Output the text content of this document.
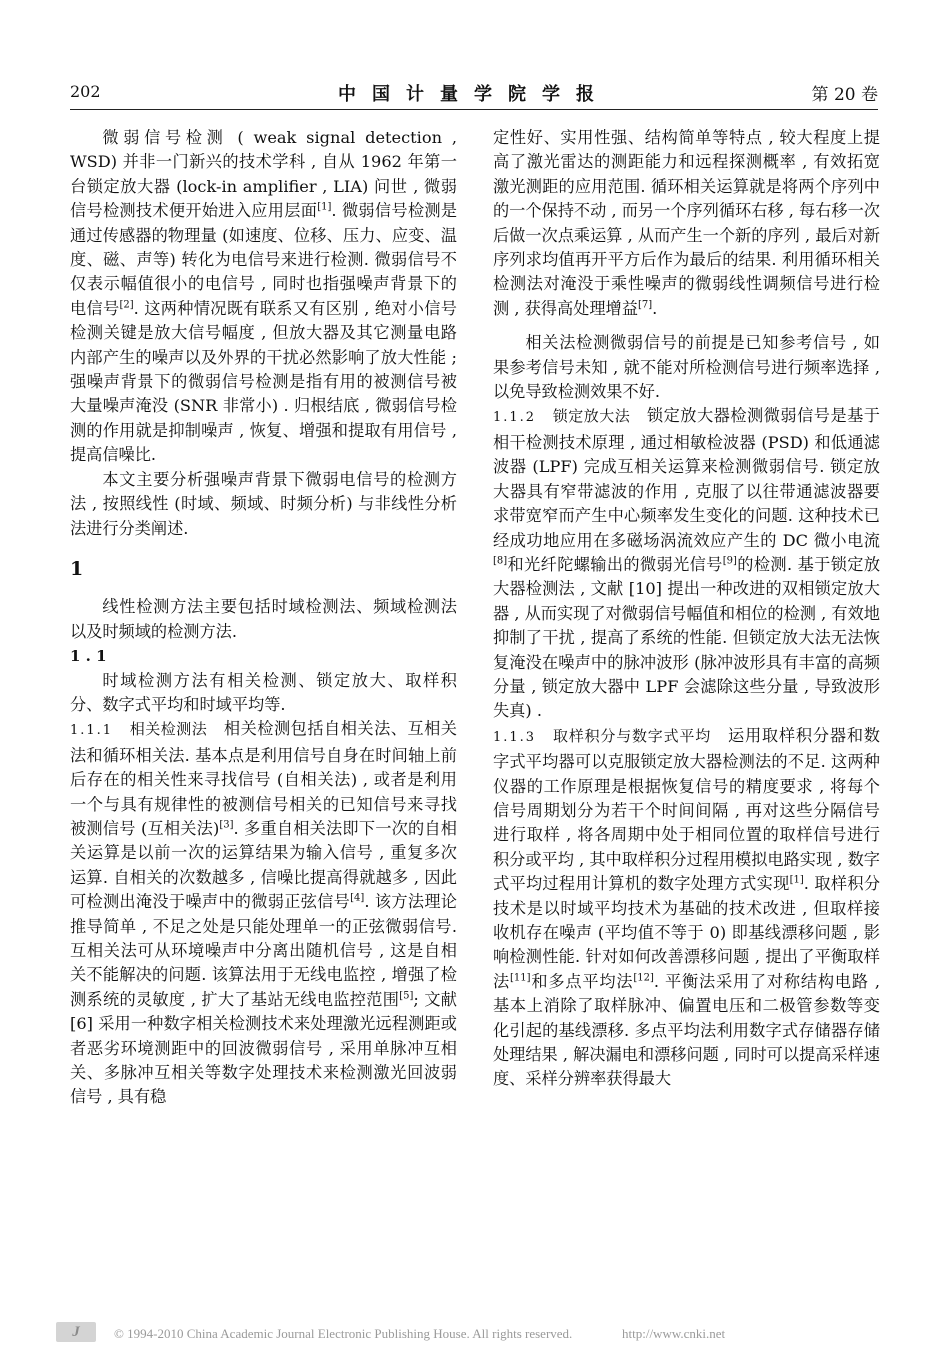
202	中国计量学院学报	第 20 卷

微弱信号检测 ( weak signal detection , WSD) 并非一门新兴的技术学科 , 自从 1962 年第一台锁定放大器 (lock-in amplifier , LIA) 问世 , 微弱信号检测技术便开始进入应用层面[1]. 微弱信号检测是通过传感器的物理量 (如速度、位移、压力、应变、温度、磁、声等) 转化为电信号来进行检测. 微弱信号不仅表示幅值很小的电信号 , 同时也指强噪声背景下的电信号[2]. 这两种情况既有联系又有区别 , 绝对小信号检测关键是放大信号幅度 , 但放大器及其它测量电路内部产生的噪声以及外界的干扰必然影响了放大性能 ; 强噪声背景下的微弱信号检测是指有用的被测信号被大量噪声淹没 (SNR 非常小) . 归根结底 , 微弱信号检测的作用就是抑制噪声 , 恢复、增强和提取有用信号 , 提高信噪比.

本文主要分析强噪声背景下微弱电信号的检测方法 , 按照线性 (时域、频域、时频分析) 与非线性分析法进行分类阐述.

1

线性检测方法主要包括时域检测法、频域检测法以及时频域的检测方法.

1 . 1

时域检测方法有相关检测、锁定放大、取样积分、数字式平均和时域平均等.

1.1.1  相关检测法  相关检测包括自相关法、互相关法和循环相关法. 基本点是利用信号自身在时间轴上前后存在的相关性来寻找信号 (自相关法) , 或者是利用一个与具有规律性的被测信号相关的已知信号来寻找被测信号 (互相关法)[3]. 多重自相关法即下一次的自相关运算是以前一次的运算结果为输入信号 , 重复多次运算. 自相关的次数越多 , 信噪比提高得就越多 , 因此可检测出淹没于噪声中的微弱正弦信号[4]. 该方法理论推导简单 , 不足之处是只能处理单一的正弦微弱信号. 互相关法可从环境噪声中分离出随机信号 , 这是自相关不能解决的问题. 该算法用于无线电监控 , 增强了检测系统的灵敏度 , 扩大了基站无线电监控范围[5]; 文献 [6] 采用一种数字相关检测技术来处理激光远程测距或者恶劣环境测距中的回波微弱信号 , 采用单脉冲互相关、多脉冲互相关等数字处理技术来检测激光回波弱信号 , 具有稳

定性好、实用性强、结构简单等特点 , 较大程度上提高了激光雷达的测距能力和远程探测概率 , 有效拓宽激光测距的应用范围. 循环相关运算就是将两个序列中的一个保持不动 , 而另一个序列循环右移 , 每右移一次后做一次点乘运算 , 从而产生一个新的序列 , 最后对新序列求均值再开平方后作为最后的结果. 利用循环相关检测法对淹没于乘性噪声的微弱线性调频信号进行检测 , 获得高处理增益[7].

相关法检测微弱信号的前提是已知参考信号 , 如果参考信号未知 , 就不能对所检测信号进行频率选择 , 以免导致检测效果不好.

1.1.2  锁定放大法  锁定放大器检测微弱信号是基于相干检测技术原理 , 通过相敏检波器 (PSD) 和低通滤波器 (LPF) 完成互相关运算来检测微弱信号. 锁定放大器具有窄带滤波的作用 , 克服了以往带通滤波器要求带宽窄而产生中心频率发生变化的问题. 这种技术已经成功地应用在多磁场涡流效应产生的 DC 微小电流[8]和光纤陀螺输出的微弱光信号[9]的检测. 基于锁定放大器检测法 , 文献 [10] 提出一种改进的双相锁定放大器 , 从而实现了对微弱信号幅值和相位的检测 , 有效地抑制了干扰 , 提高了系统的性能. 但锁定放大法无法恢复淹没在噪声中的脉冲波形 (脉冲波形具有丰富的高频分量 , 锁定放大器中 LPF 会滤除这些分量 , 导致波形失真) .

1.1.3  取样积分与数字式平均  运用取样积分器和数字式平均器可以克服锁定放大器检测法的不足. 这两种仪器的工作原理是根据恢复信号的精度要求 , 将每个信号周期划分为若干个时间间隔 , 再对这些分隔信号进行取样 , 将各周期中处于相同位置的取样信号进行积分或平均 , 其中取样积分过程用模拟电路实现 , 数字式平均过程用计算机的数字处理方式实现[1]. 取样积分技术是以时域平均技术为基础的技术改进 , 但取样接收机存在噪声 (平均值不等于 0) 即基线漂移问题 , 影响检测性能. 针对如何改善漂移问题 , 提出了平衡取样法[11]和多点平均法[12]. 平衡法采用了对称结构电路 , 基本上消除了取样脉冲、偏置电压和二极管参数等变化引起的基线漂移. 多点平均法利用数字式存储器存储处理结果 , 解决漏电和漂移问题 , 同时可以提高采样速度、采样分辨率获得最大

J	© 1994-2010 China Academic Journal Electronic Publishing House. All rights reserved.	http://www.cnki.net
